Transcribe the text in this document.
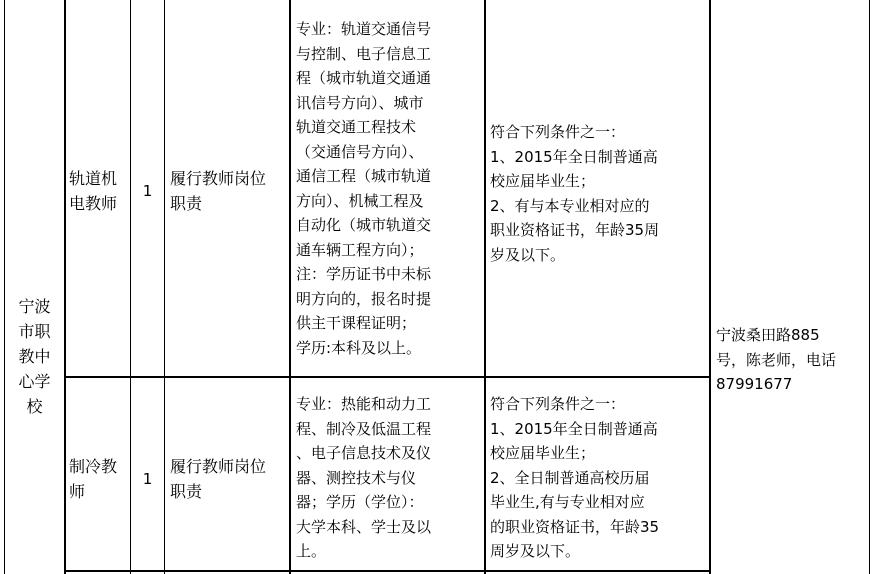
宁波
市职
教中
心学
校
轨道机
电教师
1
履行教师岗位
职责
专业：轨道交通信号
与控制、电子信息工
程（城市轨道交通通
讯信号方向）、城市
轨道交通工程技术
（交通信号方向）、
通信工程（城市轨道
方向）、机械工程及
自动化（城市轨道交
通车辆工程方向）；
注：学历证书中未标
明方向的，报名时提
供主干课程证明；
学历:本科及以上。
符合下列条件之一：
1、2015年全日制普通高
校应届毕业生；
2、有与本专业相对应的
职业资格证书，年龄35周
岁及以下。
制冷教
师
1
履行教师岗位
职责
专业：热能和动力工
程、制冷及低温工程
、电子信息技术及仪
器、测控技术与仪
器；学历（学位）：
大学本科、学士及以
上。
符合下列条件之一：
1、2015年全日制普通高
校应届毕业生；
2、全日制普通高校历届
毕业生,有与专业相对应
的职业资格证书，年龄35
周岁及以下。
宁波桑田路885
号，陈老师，电话
87991677
